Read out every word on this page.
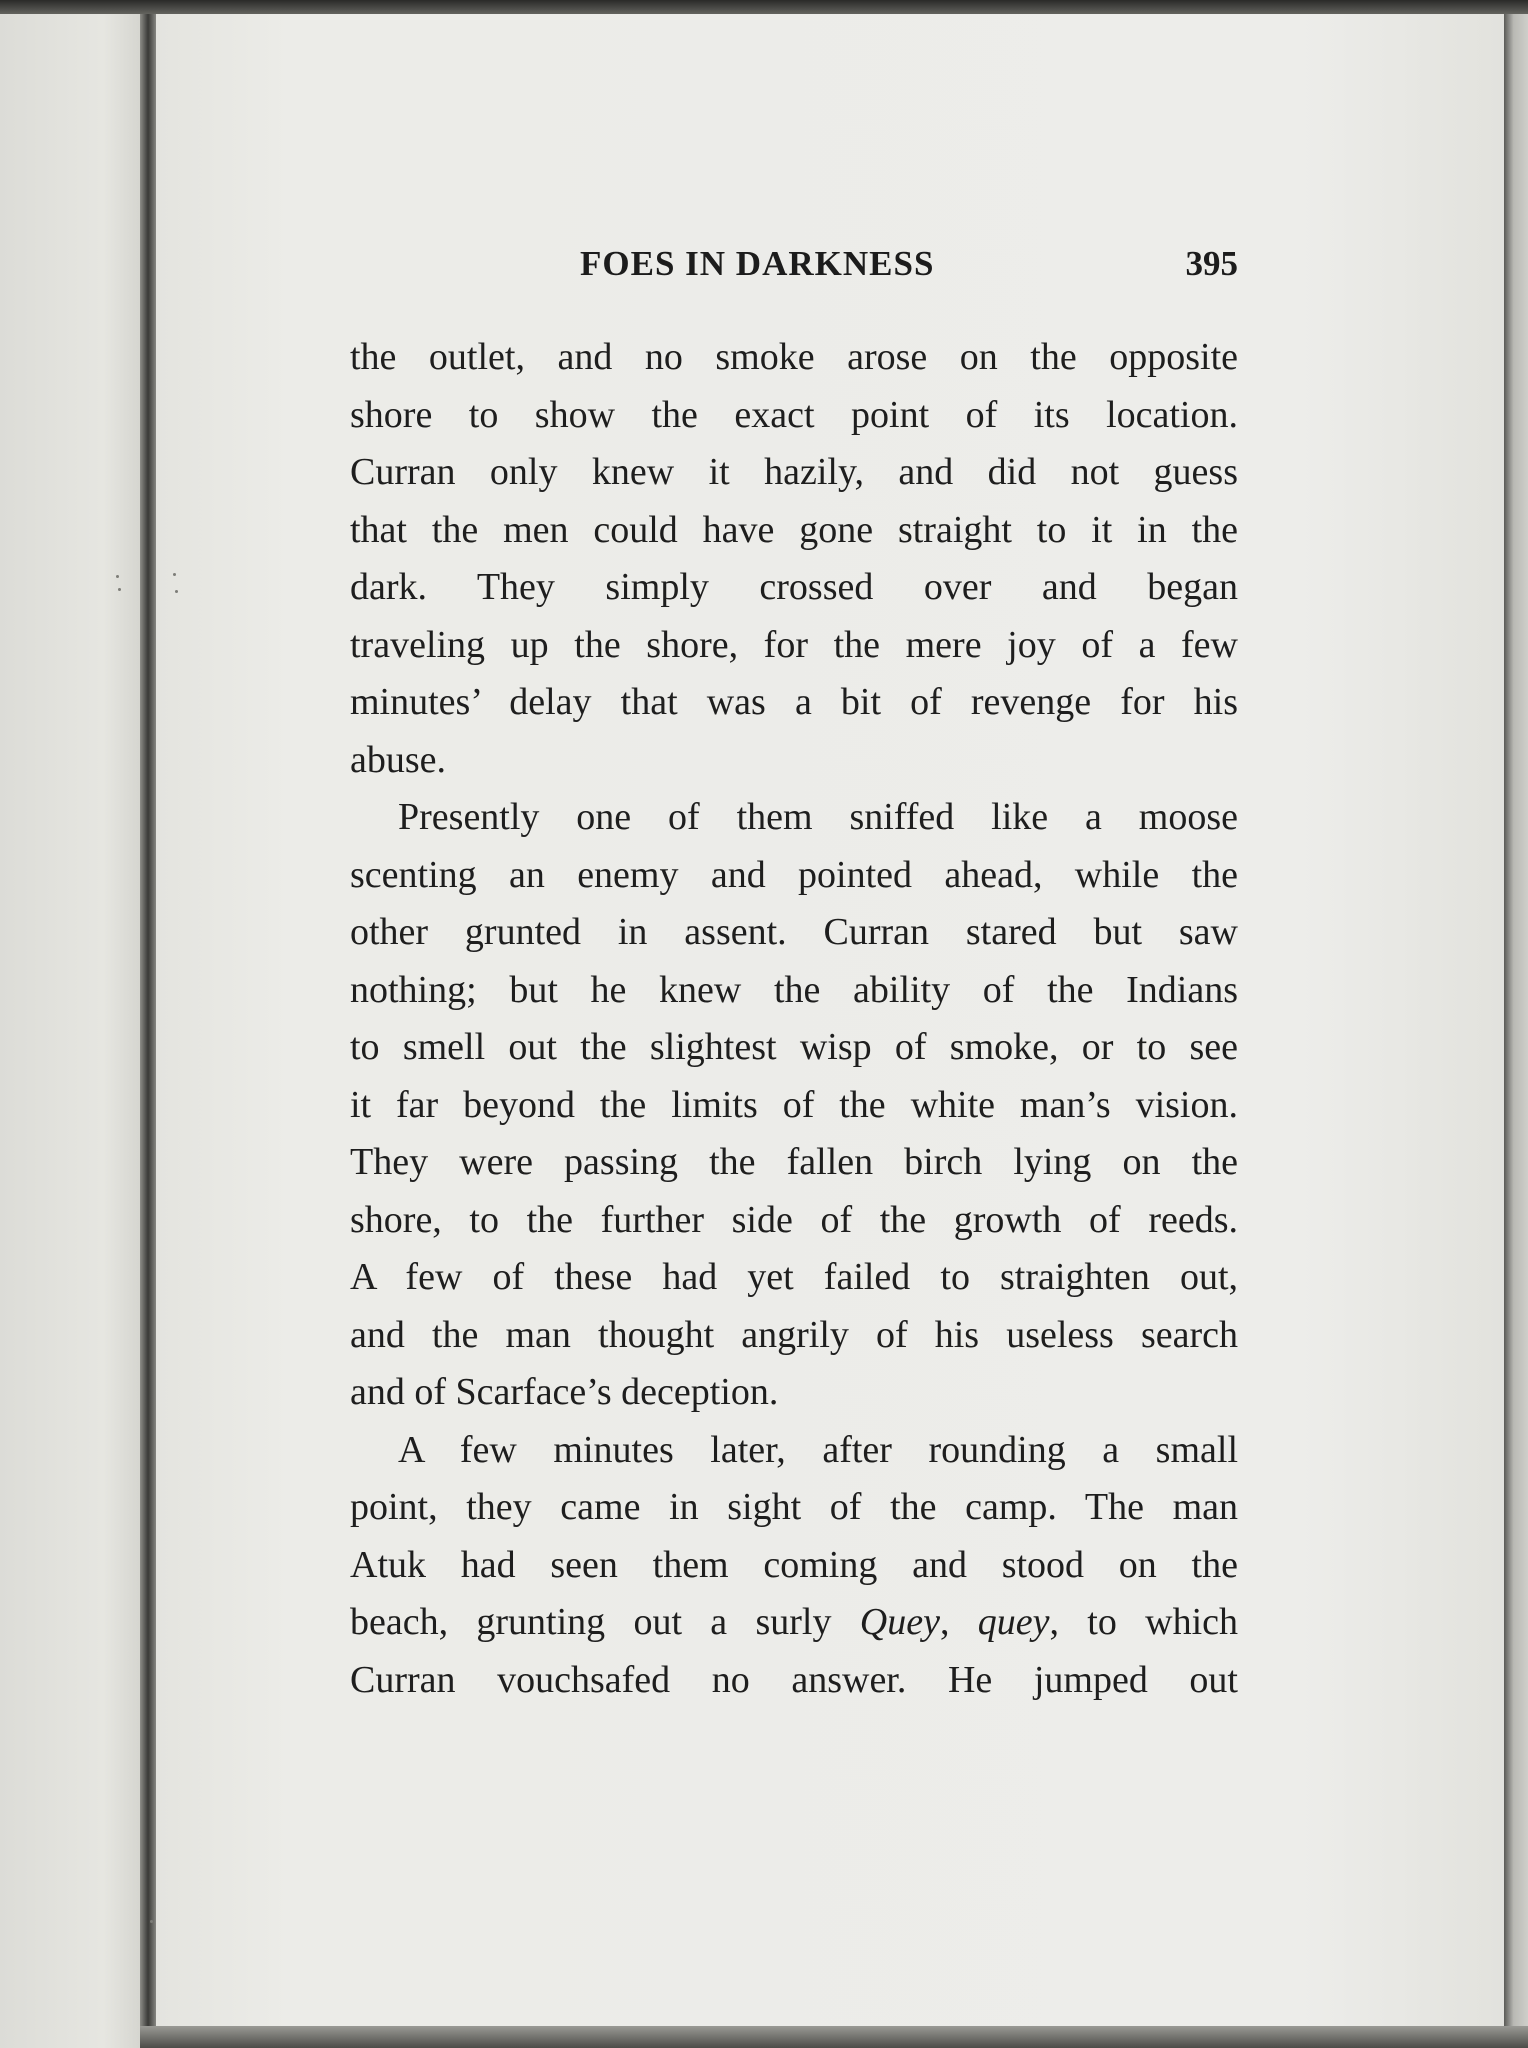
FOES IN DARKNESS	395
the outlet, and no smoke arose on the opposite
shore to show the exact point of its location.
Curran only knew it hazily, and did not guess
that the men could have gone straight to it in the
dark. They simply crossed over and began
traveling up the shore, for the mere joy of a few
minutes’ delay that was a bit of revenge for his
abuse.
Presently one of them sniffed like a moose
scenting an enemy and pointed ahead, while the
other grunted in assent. Curran stared but saw
nothing; but he knew the ability of the Indians
to smell out the slightest wisp of smoke, or to see
it far beyond the limits of the white man’s vision.
They were passing the fallen birch lying on the
shore, to the further side of the growth of reeds.
A few of these had yet failed to straighten out,
and the man thought angrily of his useless search
and of Scarface’s deception.
A few minutes later, after rounding a small
point, they came in sight of the camp. The man
Atuk had seen them coming and stood on the
beach, grunting out a surly Quey, quey, to which
Curran vouchsafed no answer. He jumped out
